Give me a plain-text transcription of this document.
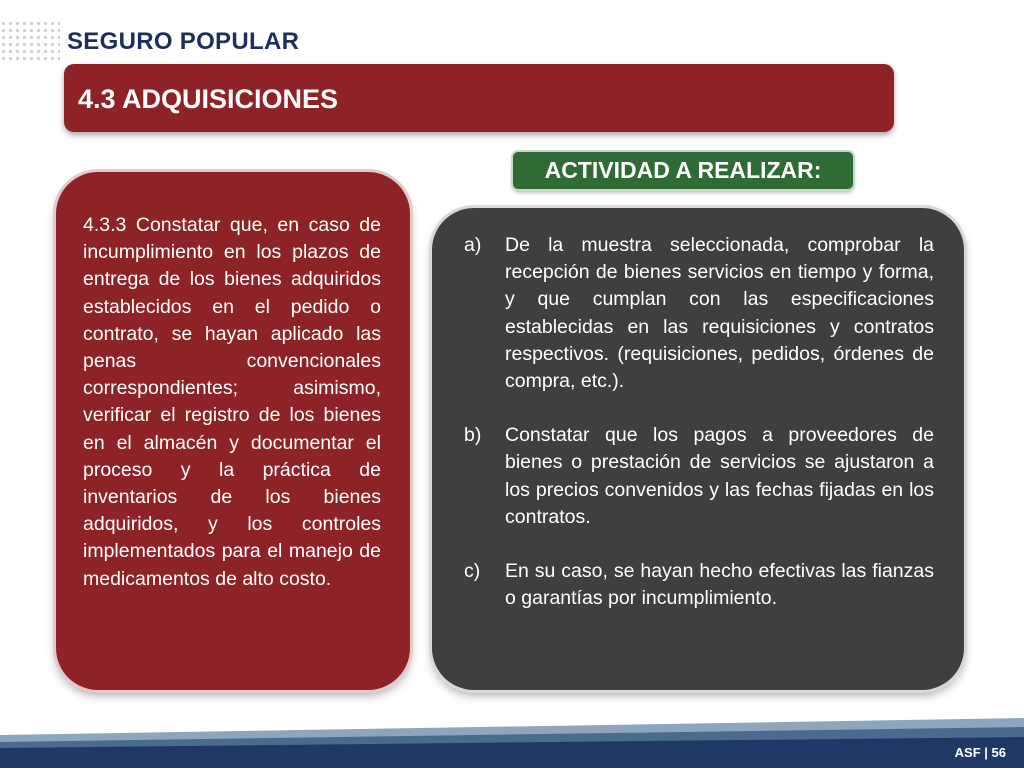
SEGURO POPULAR
4.3 ADQUISICIONES
ACTIVIDAD A REALIZAR:

4.3.3 Constatar que, en caso de incumplimiento en los plazos de entrega de los bienes adquiridos establecidos en el pedido o contrato, se hayan aplicado las penas convencionales correspondientes; asimismo, verificar el registro de los bienes en el almacén y documentar el proceso y la práctica de inventarios de los bienes adquiridos, y los controles implementados para el manejo de medicamentos de alto costo.

a) De la muestra seleccionada, comprobar la recepción de bienes servicios en tiempo y forma, y que cumplan con las especificaciones establecidas en las requisiciones y contratos respectivos. (requisiciones, pedidos, órdenes de compra, etc.).
b) Constatar que los pagos a proveedores de bienes o prestación de servicios se ajustaron a los precios convenidos y las fechas fijadas en los contratos.
c) En su caso, se hayan hecho efectivas las fianzas o garantías por incumplimiento.
ASF | 56
